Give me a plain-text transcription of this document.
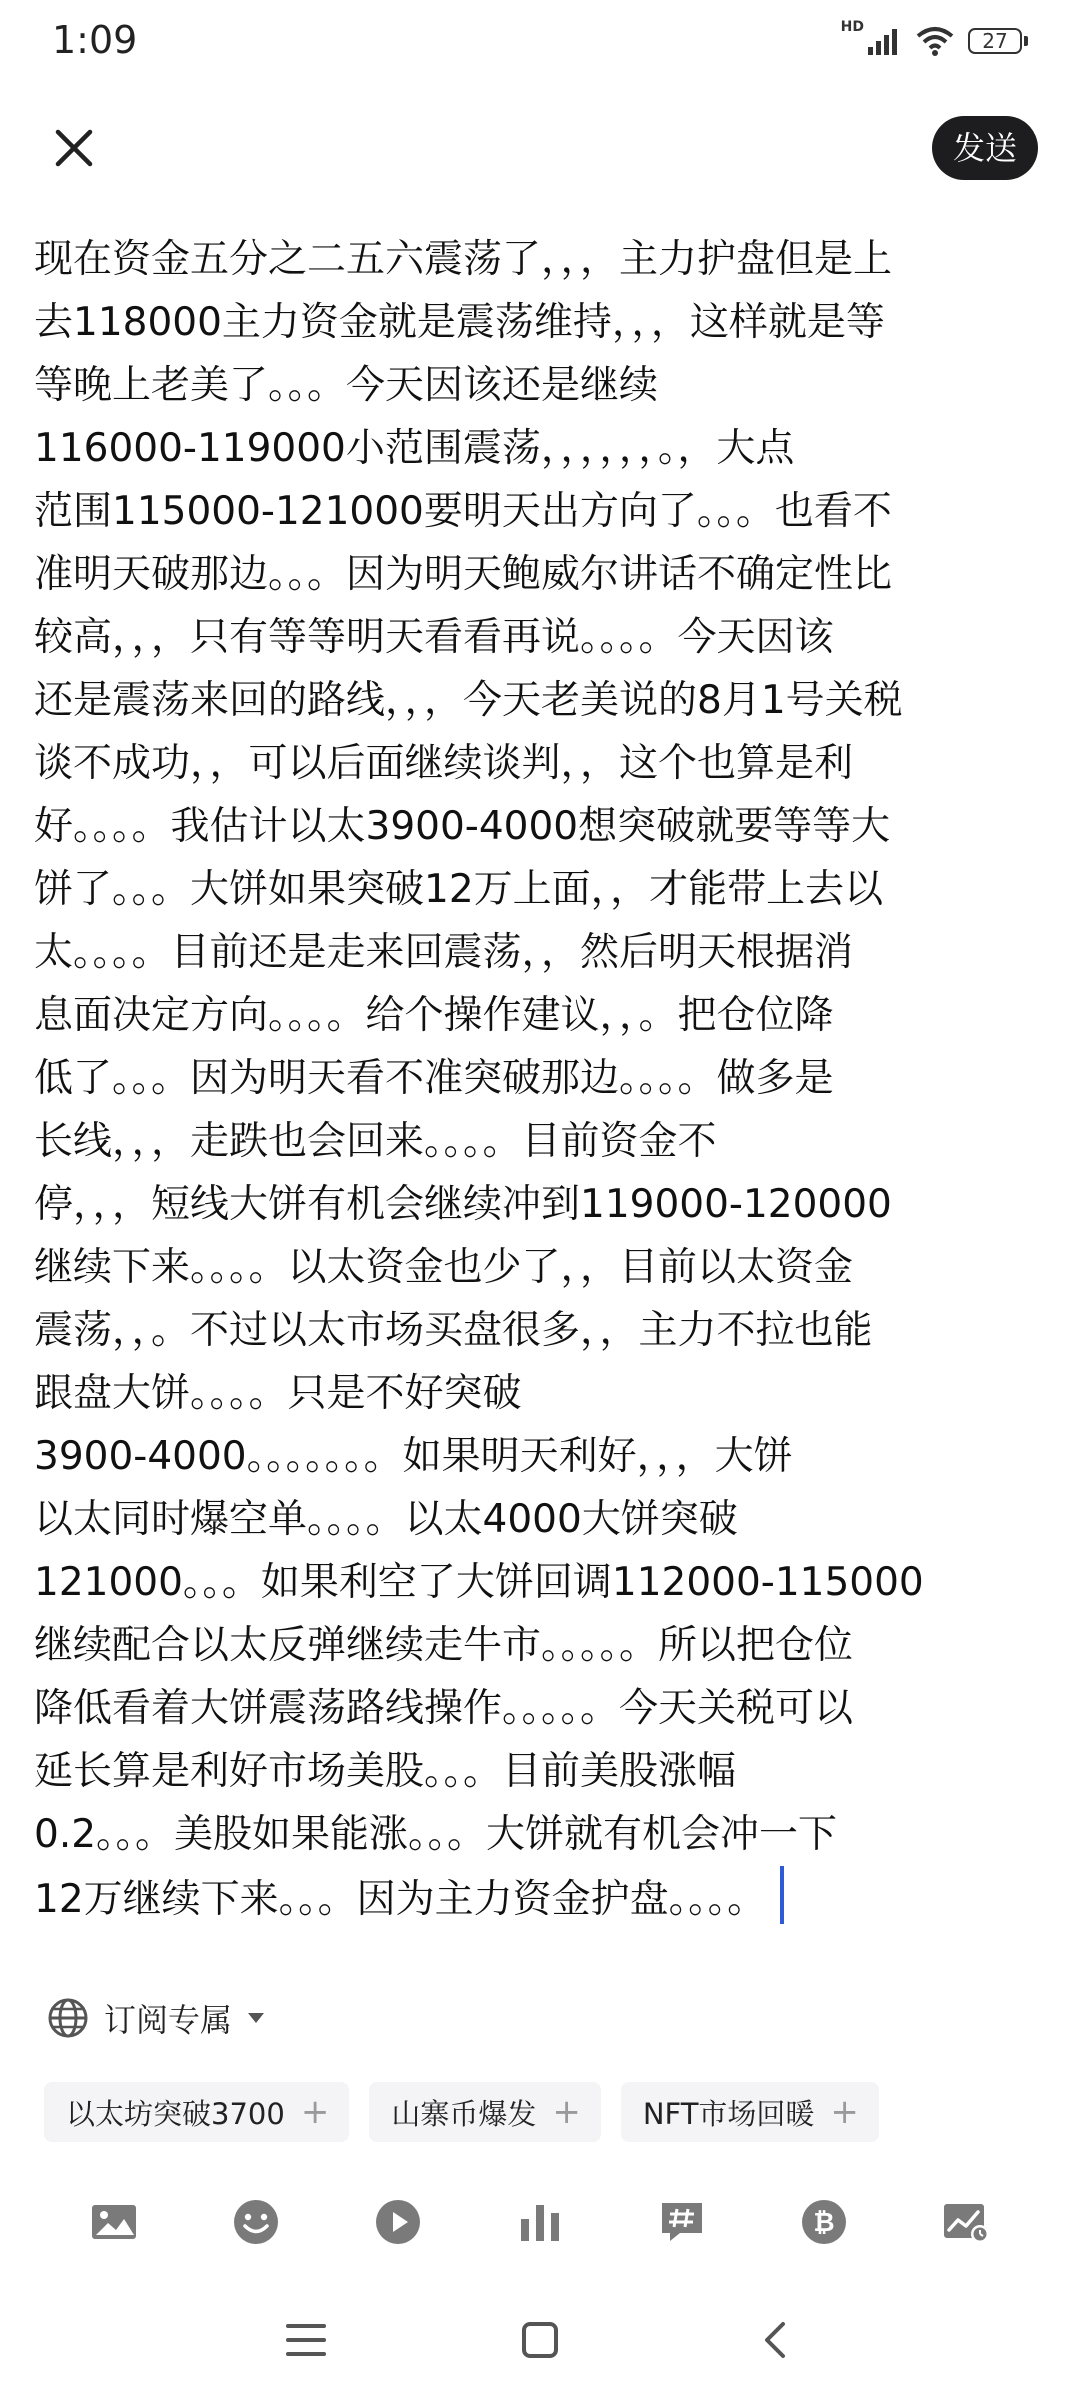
1:09	HD
27
发送
现在资金五分之二五六震荡了，，，主力护盘但是上
去118000主力资金就是震荡维持，，，这样就是等
等晚上老美了。。。今天因该还是继续
116000-119000小范围震荡，，，，，，。，大点
范围115000-121000要明天出方向了。。。也看不
准明天破那边。。。因为明天鲍威尔讲话不确定性比
较高，，，只有等等明天看看再说。。。。今天因该
还是震荡来回的路线，，，今天老美说的8月1号关税
谈不成功，，可以后面继续谈判，，这个也算是利
好。。。。我估计以太3900-4000想突破就要等等大
饼了。。。大饼如果突破12万上面，，才能带上去以
太。。。。目前还是走来回震荡，，然后明天根据消
息面决定方向。。。。给个操作建议，，。把仓位降
低了。。。因为明天看不准突破那边。。。。做多是
长线，，，走跌也会回来。。。。目前资金不
停，，，短线大饼有机会继续冲到119000-120000
继续下来。。。。以太资金也少了，，目前以太资金
震荡，，。不过以太市场买盘很多，，主力不拉也能
跟盘大饼。。。。只是不好突破
3900-4000。。。。。。。如果明天利好，，，大饼
以太同时爆空单。。。。以太4000大饼突破
121000。。。如果利空了大饼回调112000-115000
继续配合以太反弹继续走牛市。。。。。所以把仓位
降低看着大饼震荡路线操作。。。。。今天关税可以
延长算是利好市场美股。。。目前美股涨幅
0.2。。。美股如果能涨。。。大饼就有机会冲一下
12万继续下来。。。因为主力资金护盘。。。。
订阅专属
以太坊突破3700 + 山寨币爆发 + NFT市场回暖 +
₿
